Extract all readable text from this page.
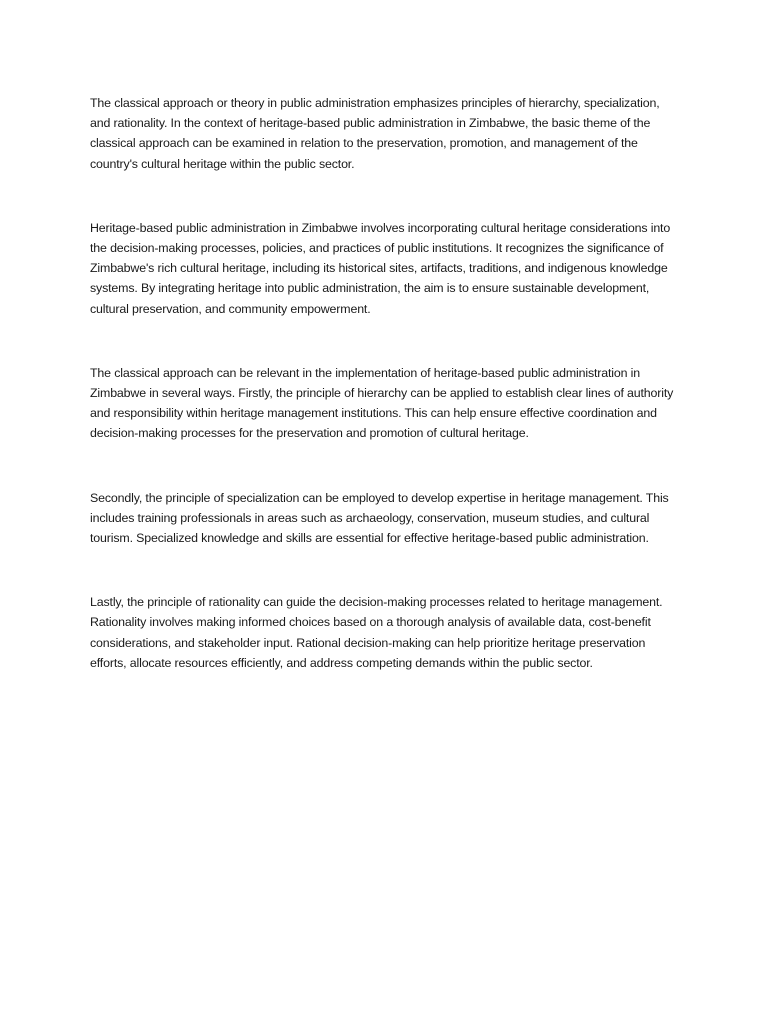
The classical approach or theory in public administration emphasizes principles of hierarchy, specialization, and rationality. In the context of heritage-based public administration in Zimbabwe, the basic theme of the classical approach can be examined in relation to the preservation, promotion, and management of the country's cultural heritage within the public sector.

Heritage-based public administration in Zimbabwe involves incorporating cultural heritage considerations into the decision-making processes, policies, and practices of public institutions. It recognizes the significance of Zimbabwe's rich cultural heritage, including its historical sites, artifacts, traditions, and indigenous knowledge systems. By integrating heritage into public administration, the aim is to ensure sustainable development, cultural preservation, and community empowerment.

The classical approach can be relevant in the implementation of heritage-based public administration in Zimbabwe in several ways. Firstly, the principle of hierarchy can be applied to establish clear lines of authority and responsibility within heritage management institutions. This can help ensure effective coordination and decision-making processes for the preservation and promotion of cultural heritage.

Secondly, the principle of specialization can be employed to develop expertise in heritage management. This includes training professionals in areas such as archaeology, conservation, museum studies, and cultural tourism. Specialized knowledge and skills are essential for effective heritage-based public administration.

Lastly, the principle of rationality can guide the decision-making processes related to heritage management. Rationality involves making informed choices based on a thorough analysis of available data, cost-benefit considerations, and stakeholder input. Rational decision-making can help prioritize heritage preservation efforts, allocate resources efficiently, and address competing demands within the public sector.
